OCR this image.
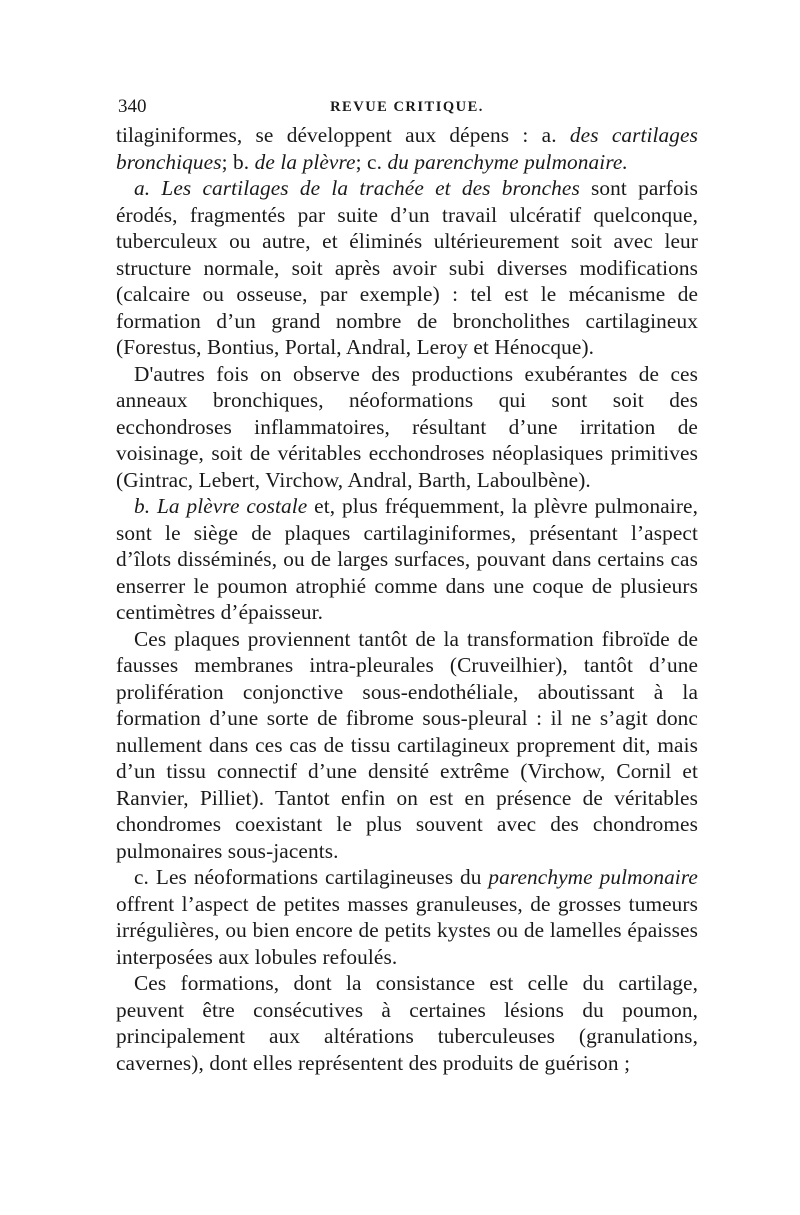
340	REVUE CRITIQUE.

tilaginiformes, se développent aux dépens : a. des cartilages bronchiques; b. de la plèvre; c. du parenchyme pulmonaire.

a. Les cartilages de la trachée et des bronches sont parfois érodés, fragmentés par suite d’un travail ulcératif quelconque, tuberculeux ou autre, et éliminés ultérieurement soit avec leur structure normale, soit après avoir subi diverses modifications (calcaire ou osseuse, par exemple) : tel est le mécanisme de formation d’un grand nombre de broncholithes cartilagineux (Forestus, Bontius, Portal, Andral, Leroy et Hénocque).

D'autres fois on observe des productions exubérantes de ces anneaux bronchiques, néoformations qui sont soit des ecchondroses inflammatoires, résultant d’une irritation de voisinage, soit de véritables ecchondroses néoplasiques primitives (Gintrac, Lebert, Virchow, Andral, Barth, Laboulbène).

b. La plèvre costale et, plus fréquemment, la plèvre pulmonaire, sont le siège de plaques cartilaginiformes, présentant l’aspect d’îlots disséminés, ou de larges surfaces, pouvant dans certains cas enserrer le poumon atrophié comme dans une coque de plusieurs centimètres d’épaisseur.

Ces plaques proviennent tantôt de la transformation fibroïde de fausses membranes intra-pleurales (Cruveilhier), tantôt d’une prolifération conjonctive sous-endothéliale, aboutissant à la formation d’une sorte de fibrome sous-pleural : il ne s’agit donc nullement dans ces cas de tissu cartilagineux proprement dit, mais d’un tissu connectif d’une densité extrême (Virchow, Cornil et Ranvier, Pilliet). Tantot enfin on est en présence de véritables chondromes coexistant le plus souvent avec des chondromes pulmonaires sous-jacents.

c. Les néoformations cartilagineuses du parenchyme pulmonaire offrent l’aspect de petites masses granuleuses, de grosses tumeurs irrégulières, ou bien encore de petits kystes ou de lamelles épaisses interposées aux lobules refoulés.

Ces formations, dont la consistance est celle du cartilage, peuvent être consécutives à certaines lésions du poumon, principalement aux altérations tuberculeuses (granulations, cavernes), dont elles représentent des produits de guérison ;
